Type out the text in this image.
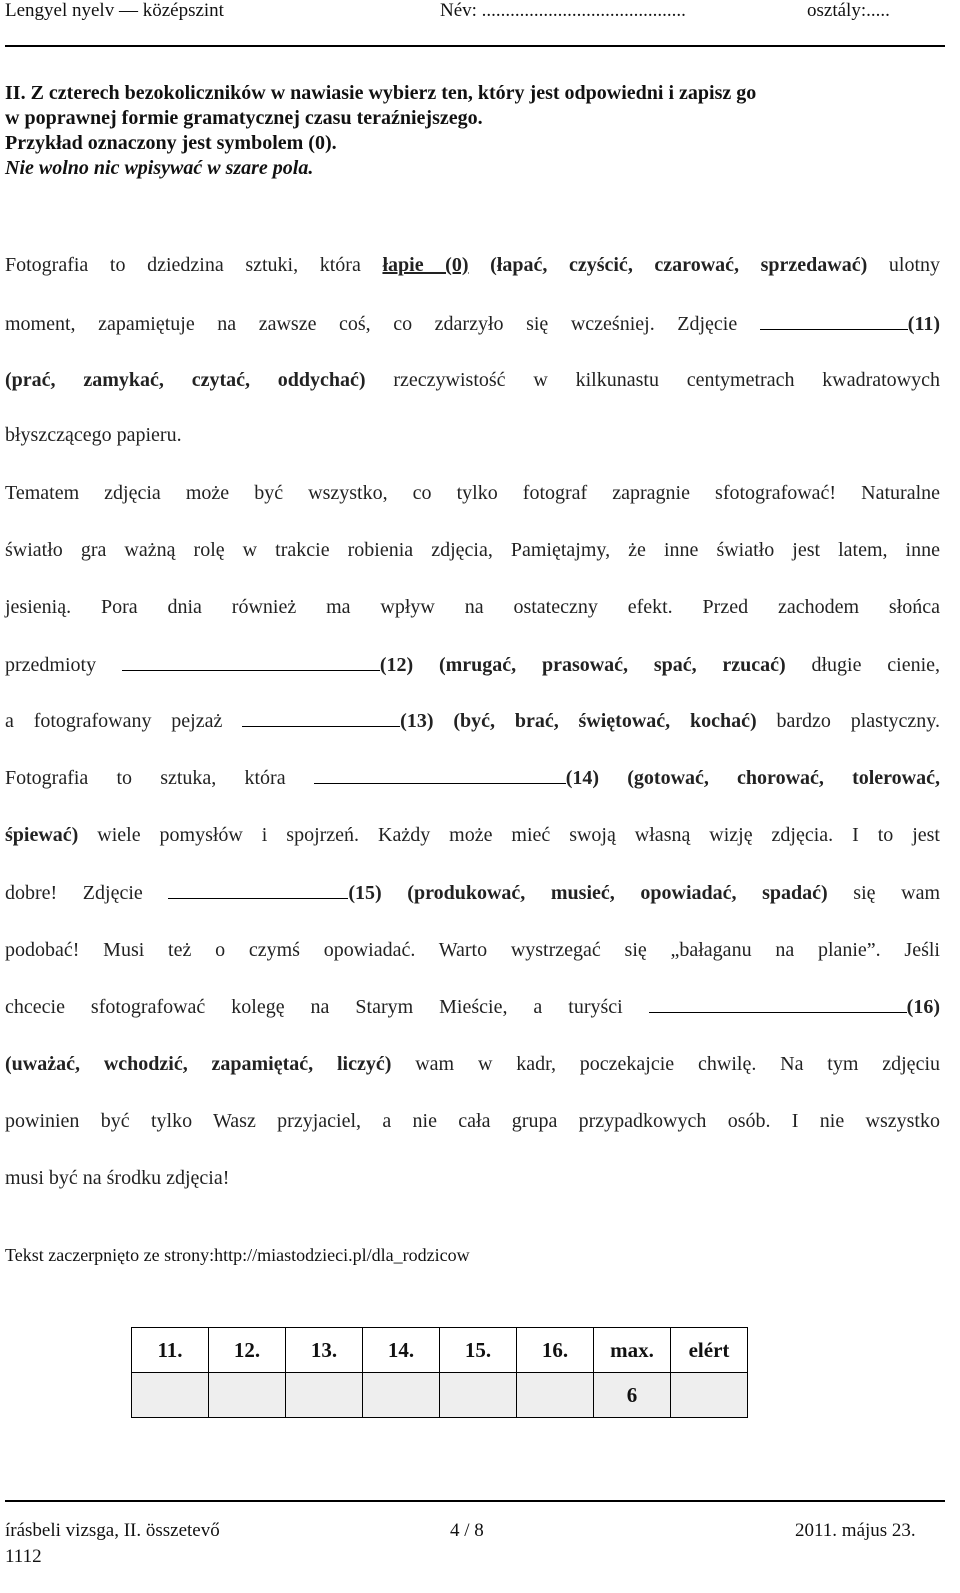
Lengyel nyelv — középszint	Név: ...........................................	osztály:.....
II. Z czterech bezokoliczników w nawiasie wybierz ten, który jest odpowiedni i zapisz go
w poprawnej formie gramatycznej czasu teraźniejszego.
Przykład oznaczony jest symbolem (0).
Nie wolno nic wpisywać w szare pola.
Fotografia to dziedzina sztuki, która łapie (0) (łapać, czyścić, czarować, sprzedawać) ulotny
moment, zapamiętuje na zawsze coś, co zdarzyło się wcześniej. Zdjęcie	(11)
(prać, zamykać, czytać, oddychać) rzeczywistość w kilkunastu centymetrach kwadratowych
błyszczącego papieru.
Tematem zdjęcia może być wszystko, co tylko fotograf zapragnie sfotografować! Naturalne
światło gra ważną rolę w trakcie robienia zdjęcia, Pamiętajmy, że inne światło jest latem, inne
jesienią. Pora dnia również ma wpływ na ostateczny efekt. Przed zachodem słońca
przedmioty	(12) (mrugać, prasować, spać, rzucać) długie cienie,
a fotografowany pejzaż	(13) (być, brać, świętować, kochać) bardzo plastyczny.
Fotografia to sztuka, która	(14) (gotować, chorować, tolerować,
śpiewać) wiele pomysłów i spojrzeń. Każdy może mieć swoją własną wizję zdjęcia. I to jest
dobre! Zdjęcie	(15) (produkować, musieć, opowiadać, spadać) się wam
podobać! Musi też o czymś opowiadać. Warto wystrzegać się „bałaganu na planie”. Jeśli
chcecie sfotografować kolegę na Starym Mieście, a turyści	(16)
(uważać, wchodzić, zapamiętać, liczyć) wam w kadr, poczekajcie chwilę. Na tym zdjęciu
powinien być tylko Wasz przyjaciel, a nie cała grupa przypadkowych osób. I nie wszystko
musi być na środku zdjęcia!
Tekst zaczerpnięto ze strony:http://miastodzieci.pl/dla_rodzicow
11.	12.	13.	14.	15.	16.	max.	elért
						6	
írásbeli vizsga, II. összetevő
1112
4 / 8	2011. május 23.
